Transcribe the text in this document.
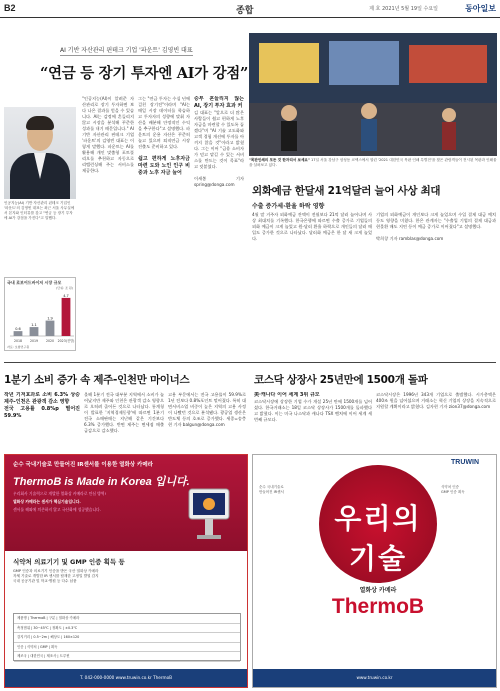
B2	종합	제 호 2021년 5월 19일 수요일	동아일보
AI 기반 자산관리 핀테크 기업 '파운트' 김영빈 대표
“연금 등 장기 투자엔 AI가 강점”
인공지능(AI) 기반 자산관리 핀테크 기업인 '파운트'의 김영빈 대표는 최근 서울 사무실에서 본지와 인터뷰를 갖고 "연금 등 장기 투자에 AI가 강점을 가진다"고 말했다.
국내 로보어드바이저 시장 규모
(단위: 조 원)
0.6
2018
1.1
2019
1.9
2020
4.7
2023(전망)
자료: 보험연구원
"인공지능(AI)이 알려준 자산관리로 장기 투자하면 보다 나은 결과를 얻을 수 있습니다. AI는 감정에 흔들리지 않고 시장을 분석해 꾸준한 성과를 내기 때문입니다." AI 기반 자산관리 핀테크 기업 '파운트'의 김영빈 대표는 이렇게 말했다. 파운트는 AI를 활용해 개인 맞춤형 포트폴리오를 추천하고 자동으로 리밸런싱해 주는 서비스를 제공한다.
그는 "연금 투자는 수십 년에 걸친 장기전"이라며 "AI는 매일 시장 데이터를 학습하고 투자자의 성향에 맞춰 자산을 배분해 안정적인 수익을 추구한다"고 설명했다. 파운트의 운용 자산은 꾸준히 늘고 있으며 퇴직연금 시장 진출도 준비하고 있다.

쉽고 편하게 노후자금 마련 도와 노인 인구 비중과 노후 자금 늘어
승부 흔들리지 않는 AI, 장기 투자 효과 커
김 대표는 "앞으로 더 많은 사람들이 쉽고 편하게 노후 자금을 마련할 수 있도록 돕겠다"며 "AI 기술 고도화와 고객 경험 개선에 투자를 아끼지 않을 것"이라고 밝혔다. 그는 이어 "금융 소비자가 믿고 맡길 수 있는 서비스를 만드는 것이 목표"라고 덧붙였다.

이새봄 기자 spring@donga.com
"목판인쇄의 모든 것 한자리서 보세요" 17일 서울 강남구 삼성동 코엑스에서 열린 '2021 대한민국 목판 인쇄 특별전'을 찾은 관람객들이 전시된 목판과 인쇄물을 살펴보고 있다.
외화예금 한달새 21억달러 늘어 사상 최대
수출 증가세·환율 하락 영향
4월 말 거주자 외화예금 잔액이 전월보다 21억 달러 늘어나며 사상 최대치를 기록했다. 한국은행에 따르면 수출 증가로 기업들의 외화 예금이 크게 늘었고 원-달러 환율 하락으로 개인들의 달러 매입도 증가한 것으로 나타났다. 달러화 예금은 한 달 새 크게 늘었다.
기업의 외화예금이 개인보다 크게 늘었으며 수입 결제 대금 예치 등도 영향을 미쳤다. 한은 관계자는 "수출입 기업의 결제 대금과 현물환 매도 지연 등이 예금 증가로 이어졌다"고 설명했다.

박희창 기자 ramblas@donga.com
1분기 소비 증가 속 제주-인천만 마이너스
작년 기저효과로 소비 6.3% 상승 제주-인천은 관광객 감소 영향
전국 고용률 0.8%p 떨어진 59.9%
올해 1분기 전국 대부분 지역에서 소비가 늘어났지만 제주와 인천은 관광객 감소 영향으로 오히려 줄어든 것으로 나타났다. 통계청이 발표한 '지역경제동향'에 따르면 1분기 전국 소매판매는 지난해 같은 기간보다 6.3% 증가했다. 반면 제주는 면세점 매출 급감으로 감소했다.
고용 부문에서는 전국 고용률이 59.9%로 1년 전보다 0.8%포인트 떨어졌다. 특히 대면서비스업 비중이 높은 지역의 고용 사정이 나빴던 것으로 분석됐다. 광공업 생산은 반도체 등의 호조로 증가했다. 세종=송충현 기자 balgun@donga.com
코스닥 상장사 25년만에 1500개 돌파
美·캐나다 이어 세계 3위 규모
코스닥시장에 상장한 기업 수가 개설 25년 만에 1500개를 넘어섰다. 한국거래소는 18일 코스닥 상장사가 1500개를 돌파했다고 밝혔다. 이는 미국 나스닥과 캐나다 TSX 벤처에 이어 세계 세 번째 규모다.
코스닥시장은 1996년 343개 기업으로 출범했다. 시가총액은 400조 원을 넘어섰으며 거래소는 혁신 기업의 상장을 지속적으로 지원할 계획이라고 밝혔다. 김자현 기자 zion37@donga.com
순수 국내기술로 만들어진 IR센서를 이용한 열화상 카메라
ThermoB is Made in Korea 입니다.
우리회사 기술력으로 개발한 열화상 카메라로 안심 방역!
열화상 카메라는 센서가 핵심기술입니다.
센서를 해외에 의존하지 않고 국산화에 성공했습니다.
식약처 의료기기 및 GMP 인증 획득 등
GMP 인증과 의료기기 인증을 받은 국산 열화상 카메라
자체 기술로 개발한 IR 센서를 탑재한 고정밀 발열 감지
국내 공공기관 및 학교·병원 등 다수 납품
제품명 | ThermoB | 구분 | 열화상 카메라
측정범위 | 30~45℃ | 정확도 | ±0.3℃
감지거리 | 0.5~2m | 해상도 | 160×120
인증 | 식약처 | GMP | 획득
제조국 | 대한민국 | 제조사 | 트루윈
T. 042-000-0000 www.truwin.co.kr ThermoB
TRUWIN
순수 국내기술로
만들어진 IR센서
식약처 인증
GMP 인증 획득
우리의 기술
열화상 카메라
ThermoB
www.truwin.co.kr
